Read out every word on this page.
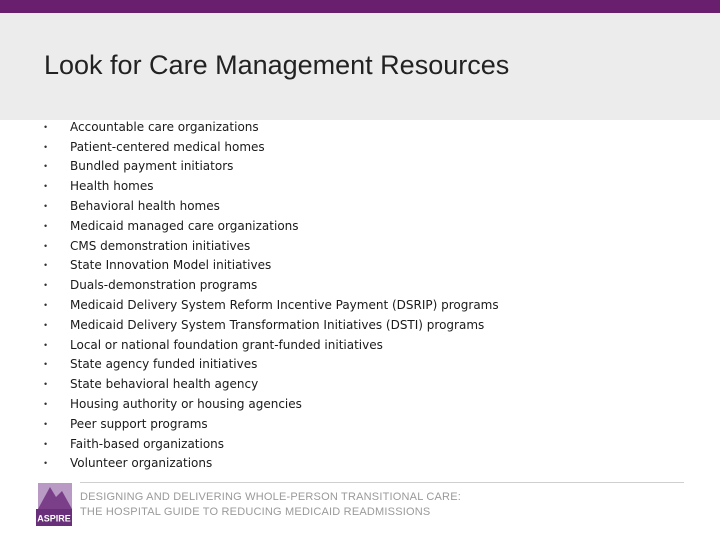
Look for Care Management Resources
•	Accountable care organizations
•	Patient-centered medical homes
•	Bundled payment initiators
•	Health homes
•	Behavioral health homes
•	Medicaid managed care organizations
•	CMS demonstration initiatives
•	State Innovation Model initiatives
•	Duals-demonstration programs
•	Medicaid Delivery System Reform Incentive Payment (DSRIP) programs
•	Medicaid Delivery System Transformation Initiatives (DSTI) programs
•	Local or national foundation grant-funded initiatives
•	State agency funded initiatives
•	State behavioral health agency
•	Housing authority or housing agencies
•	Peer support programs
•	Faith-based organizations
•	Volunteer organizations
ASPIRE
DESIGNING AND DELIVERING WHOLE-PERSON TRANSITIONAL CARE:
THE HOSPITAL GUIDE TO REDUCING MEDICAID READMISSIONS
